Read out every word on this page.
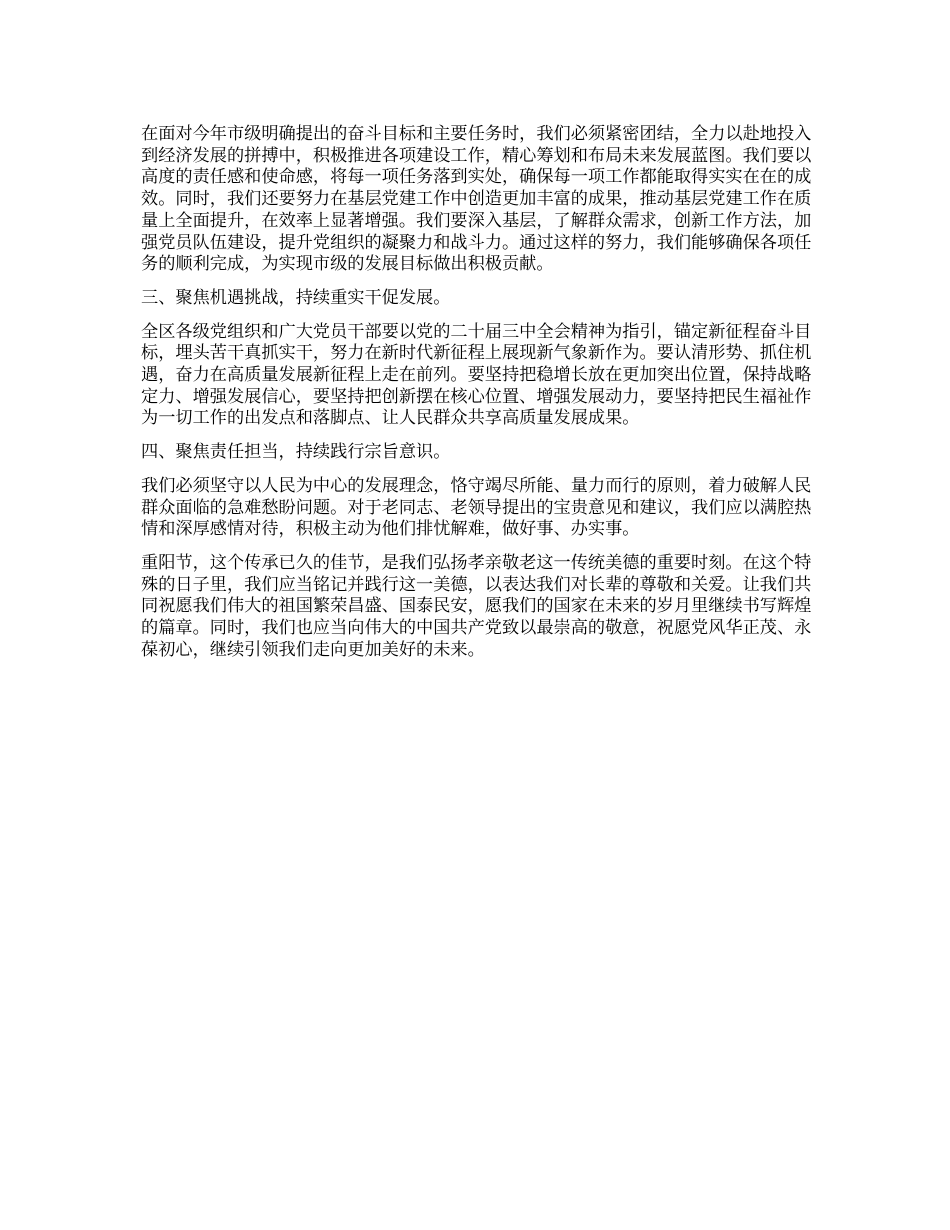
在面对今年市级明确提出的奋斗目标和主要任务时，我们必须紧密团结，全力以赴地投入到经济发展的拼搏中，积极推进各项建设工作，精心筹划和布局未来发展蓝图。我们要以高度的责任感和使命感，将每一项任务落到实处，确保每一项工作都能取得实实在在的成效。同时，我们还要努力在基层党建工作中创造更加丰富的成果，推动基层党建工作在质量上全面提升，在效率上显著增强。我们要深入基层，了解群众需求，创新工作方法，加强党员队伍建设，提升党组织的凝聚力和战斗力。通过这样的努力，我们能够确保各项任务的顺利完成，为实现市级的发展目标做出积极贡献。

三、聚焦机遇挑战，持续重实干促发展。

全区各级党组织和广大党员干部要以党的二十届三中全会精神为指引，锚定新征程奋斗目标，埋头苦干真抓实干，努力在新时代新征程上展现新气象新作为。要认清形势、抓住机遇，奋力在高质量发展新征程上走在前列。要坚持把稳增长放在更加突出位置，保持战略定力、增强发展信心，要坚持把创新摆在核心位置、增强发展动力，要坚持把民生福祉作为一切工作的出发点和落脚点、让人民群众共享高质量发展成果。

四、聚焦责任担当，持续践行宗旨意识。

我们必须坚守以人民为中心的发展理念，恪守竭尽所能、量力而行的原则，着力破解人民群众面临的急难愁盼问题。对于老同志、老领导提出的宝贵意见和建议，我们应以满腔热情和深厚感情对待，积极主动为他们排忧解难，做好事、办实事。

重阳节，这个传承已久的佳节，是我们弘扬孝亲敬老这一传统美德的重要时刻。在这个特殊的日子里，我们应当铭记并践行这一美德，以表达我们对长辈的尊敬和关爱。让我们共同祝愿我们伟大的祖国繁荣昌盛、国泰民安，愿我们的国家在未来的岁月里继续书写辉煌的篇章。同时，我们也应当向伟大的中国共产党致以最崇高的敬意，祝愿党风华正茂、永葆初心，继续引领我们走向更加美好的未来。
